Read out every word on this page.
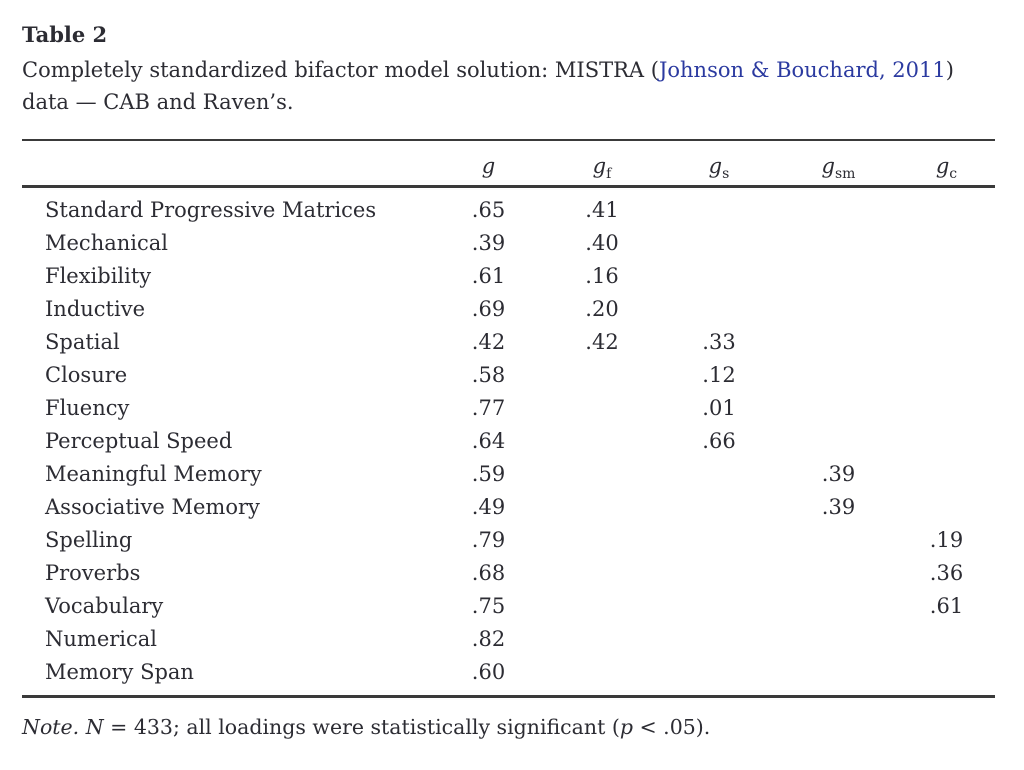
Table 2
Completely standardized bifactor model solution: MISTRA (Johnson & Bouchard, 2011)
data — CAB and Raven’s.
	g	$g_f$	$g_s$	$g_{sm}$	$g_c$
Standard Progressive Matrices	.65	.41			
Mechanical	.39	.40			
Flexibility	.61	.16			
Inductive	.69	.20			
Spatial	.42	.42	.33		
Closure	.58		.12		
Fluency	.77		.01		
Perceptual Speed	.64		.66		
Meaningful Memory	.59			.39	
Associative Memory	.49			.39	
Spelling	.79				.19
Proverbs	.68				.36
Vocabulary	.75				.61
Numerical	.82				
Memory Span	.60				
Note. N = 433; all loadings were statistically significant (p < .05).
